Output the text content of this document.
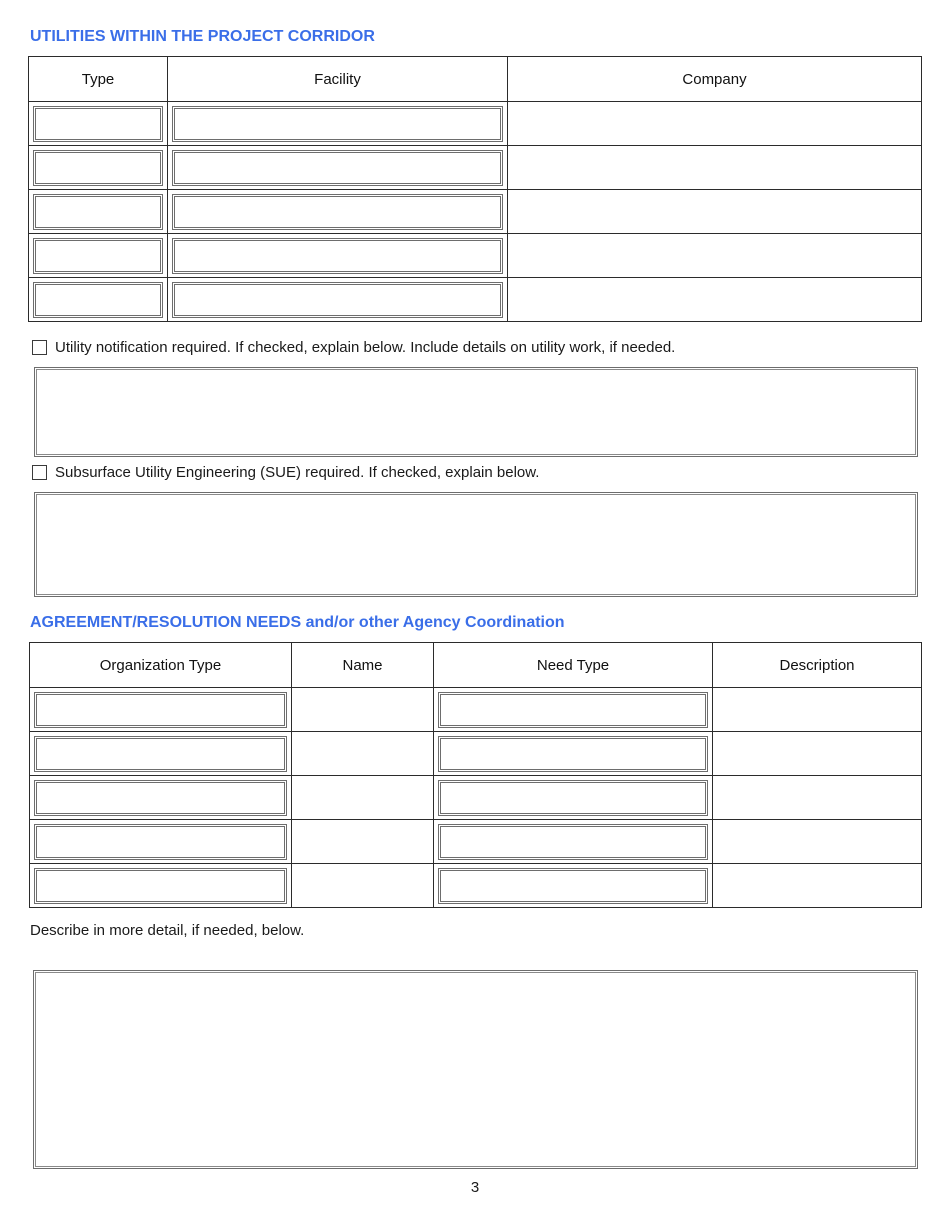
UTILITIES WITHIN THE PROJECT CORRIDOR
Type	Facility	Company

Utility notification required. If checked, explain below. Include details on utility work, if needed.
Subsurface Utility Engineering (SUE) required. If checked, explain below.
AGREEMENT/RESOLUTION NEEDS and/or other Agency Coordination
Organization Type	Name	Need Type	Description

Describe in more detail, if needed, below.
3
